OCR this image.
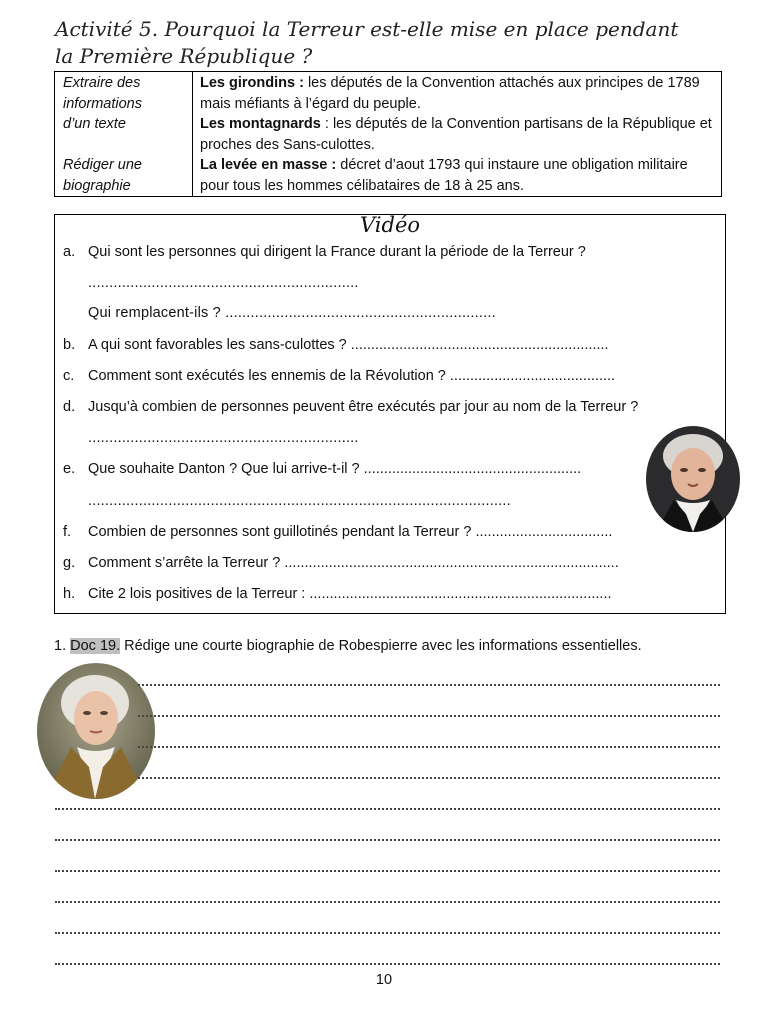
Activité 5. Pourquoi la Terreur est-elle mise en place pendant
la Première République ?
Extraire des
informations
d’un texte

Rédiger une
biographie
Les girondins : les députés de la Convention attachés aux principes de 1789 mais méfiants à l’égard du peuple.
Les montagnards : les députés de la Convention partisans de la République et proches des Sans-culottes.
La levée en masse : décret d’aout 1793 qui instaure une obligation militaire pour tous les hommes célibataires de 18 à 25 ans.
Vidéo
a. Qui sont les personnes qui dirigent la France durant la période de la Terreur ?
................................................................
Qui remplacent-ils ? ................................................................
b. A qui sont favorables les sans-culottes ? ................................................................
c. Comment sont exécutés les ennemis de la Révolution ? .........................................
d. Jusqu’à combien de personnes peuvent être exécutés par jour au nom de la Terreur ?
................................................................
e. Que souhaite Danton ? Que lui arrive-t-il ? ......................................................
....................................................................................................
f. Combien de personnes sont guillotinés pendant la Terreur ? ..................................
g. Comment s’arrête la Terreur ? ...................................................................................
h. Cite 2 lois positives de la Terreur : ...........................................................................
1. Doc 19. Rédige une courte biographie de Robespierre avec les informations essentielles.
10
